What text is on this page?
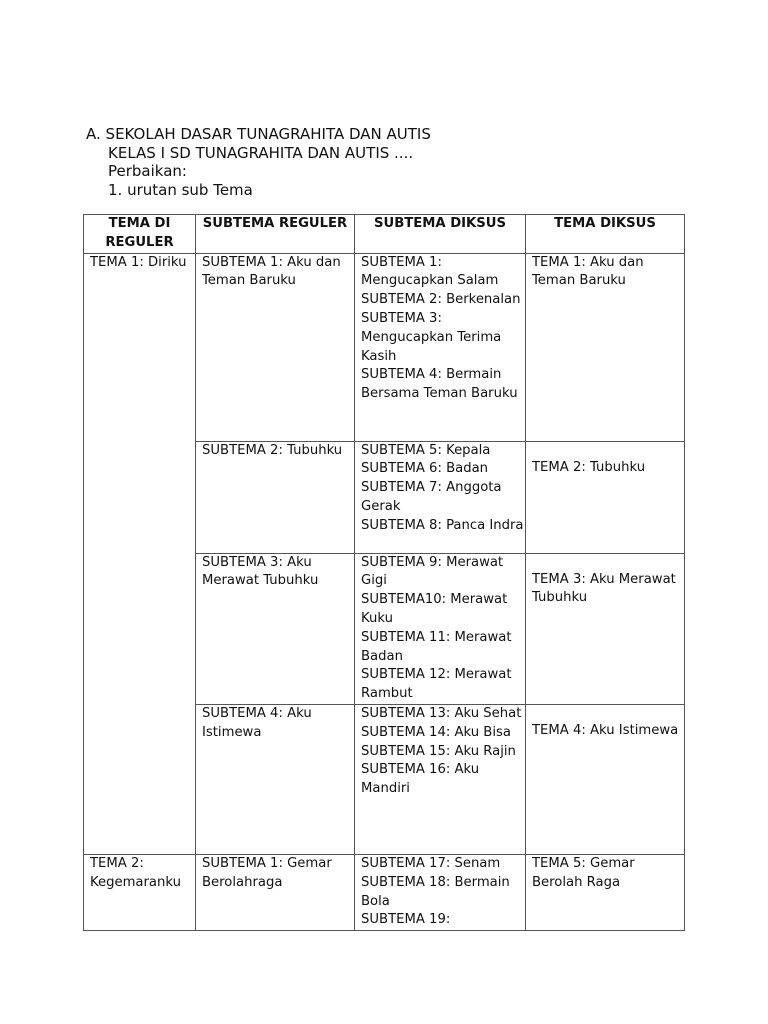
A. SEKOLAH DASAR TUNAGRAHITA DAN AUTIS
KELAS I SD TUNAGRAHITA DAN AUTIS ....
Perbaikan:
1. urutan sub Tema
TEMA DI REGULER	SUBTEMA REGULER	SUBTEMA DIKSUS	TEMA DIKSUS
TEMA 1: Diriku	SUBTEMA 1: Aku dan Teman Baruku	SUBTEMA 1: Mengucapkan Salam
SUBTEMA 2: Berkenalan
SUBTEMA 3: Mengucapkan Terima Kasih
SUBTEMA 4: Bermain Bersama Teman Baruku	TEMA 1: Aku dan Teman Baruku
	SUBTEMA 2: Tubuhku	SUBTEMA 5: Kepala
SUBTEMA 6: Badan
SUBTEMA 7: Anggota Gerak
SUBTEMA 8: Panca Indra	TEMA 2: Tubuhku
	SUBTEMA 3: Aku Merawat Tubuhku	SUBTEMA 9: Merawat Gigi
SUBTEMA10: Merawat Kuku
SUBTEMA 11: Merawat Badan
SUBTEMA 12: Merawat Rambut	TEMA 3: Aku Merawat Tubuhku
	SUBTEMA 4: Aku Istimewa	SUBTEMA 13: Aku Sehat
SUBTEMA 14: Aku Bisa
SUBTEMA 15: Aku Rajin
SUBTEMA 16: Aku Mandiri	TEMA 4: Aku Istimewa
TEMA 2: Kegemaranku	SUBTEMA 1: Gemar Berolahraga	SUBTEMA 17: Senam
SUBTEMA 18: Bermain Bola
SUBTEMA 19:	TEMA 5: Gemar Berolah Raga
